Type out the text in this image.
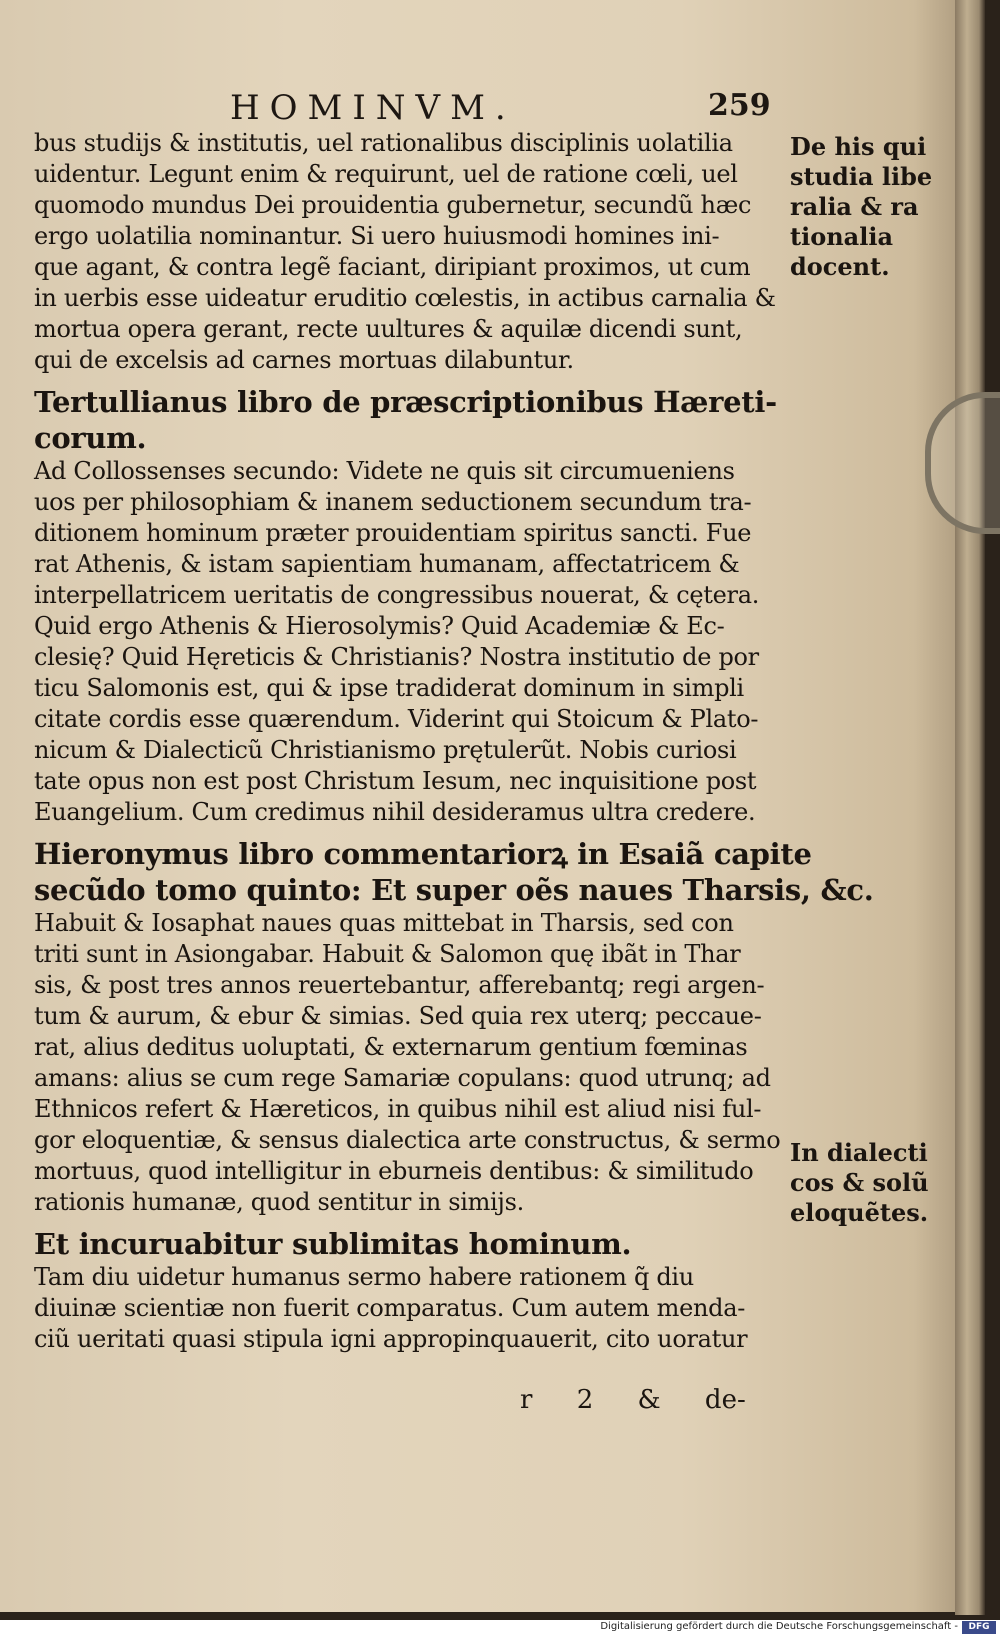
HOMINVM.	259
bus studijs & institutis, uel rationalibus disciplinis uolatilia
uidentur. Legunt enim & requirunt, uel de ratione cœli, uel
quomodo mundus Dei prouidentia gubernetur, secundũ hæc
ergo uolatilia nominantur. Si uero huiusmodi homines ini-
que agant, & contra legẽ faciant, diripiant proximos, ut cum
in uerbis esse uideatur eruditio cœlestis, in actibus carnalia &
mortua opera gerant, recte uultures & aquilæ dicendi sunt,
qui de excelsis ad carnes mortuas dilabuntur.
Tertullianus libro de præscriptionibus Hæreti-
corum.
Ad Collossenses secundo: Videte ne quis sit circumueniens
uos per philosophiam & inanem seductionem secundum tra-
ditionem hominum præter prouidentiam spiritus sancti. Fue
rat Athenis, & istam sapientiam humanam, affectatricem &
interpellatricem ueritatis de congressibus nouerat, & cętera.
Quid ergo Athenis & Hierosolymis? Quid Academiæ & Ec-
clesię? Quid Hęreticis & Christianis? Nostra institutio de por
ticu Salomonis est, qui & ipse tradiderat dominum in simpli
citate cordis esse quærendum. Viderint qui Stoicum & Plato-
nicum & Dialecticũ Christianismo prętulerũt. Nobis curiosi
tate opus non est post Christum Iesum, nec inquisitione post
Euangelium. Cum credimus nihil desideramus ultra credere.
Hieronymus libro commentariorꝝ in Esaiã capite
secũdo tomo quinto: Et super oẽs naues Tharsis, &c.
Habuit & Iosaphat naues quas mittebat in Tharsis, sed con
triti sunt in Asiongabar. Habuit & Salomon quę ibãt in Thar
sis, & post tres annos reuertebantur, afferebantq; regi argen-
tum & aurum, & ebur & simias. Sed quia rex uterq; peccaue-
rat, alius deditus uoluptati, & externarum gentium fœminas
amans: alius se cum rege Samariæ copulans: quod utrunq; ad
Ethnicos refert & Hæreticos, in quibus nihil est aliud nisi ful-
gor eloquentiæ, & sensus dialectica arte constructus, & sermo
mortuus, quod intelligitur in eburneis dentibus: & similitudo
rationis humanæ, quod sentitur in simijs.
Et incuruabitur sublimitas hominum.
Tam diu uidetur humanus sermo habere rationem q̃ diu
diuinæ scientiæ non fuerit comparatus. Cum autem menda-
ciũ ueritati quasi stipula igni appropinquauerit, cito uoratur
De his qui
studia libe
ralia & ra
tionalia
docent.
In dialecti
cos & solũ
eloquẽtes.
r 2 & de-
Digitalisierung gefördert durch die Deutsche Forschungsgemeinschaft -	DFG
